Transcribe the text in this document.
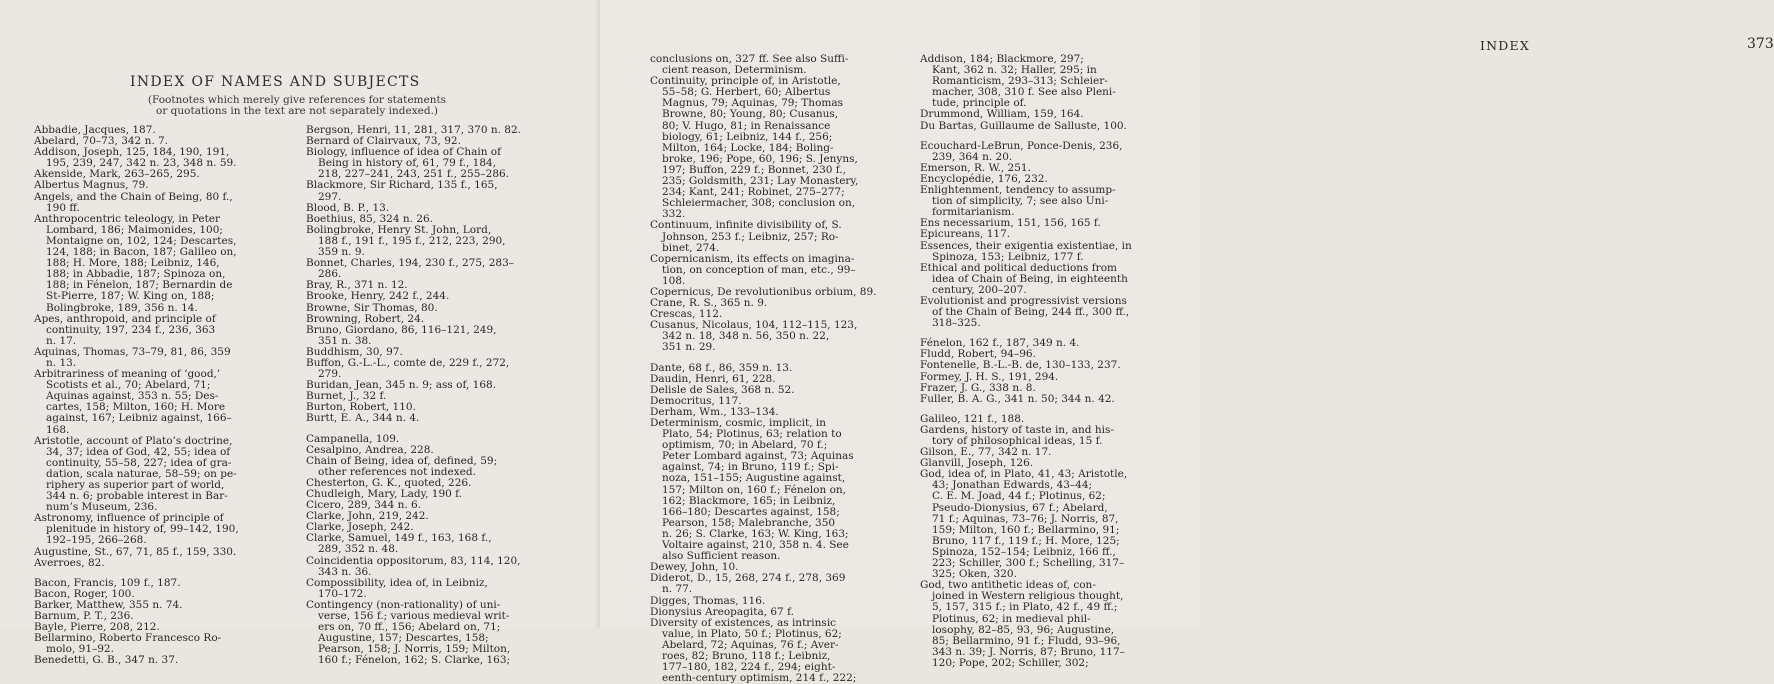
INDEX OF NAMES AND SUBJECTS
(Footnotes which merely give references for statements
or quotations in the text are not separately indexed.)

Abbadie, Jacques, 187.

Abelard, 70–73, 342 n. 7.

Addison, Joseph, 125, 184, 190, 191,
195, 239, 247, 342 n. 23, 348 n. 59.

Akenside, Mark, 263–265, 295.

Albertus Magnus, 79.

Angels, and the Chain of Being, 80 f.,
190 ff.

Anthropocentric teleology, in Peter
Lombard, 186; Maimonides, 100;
Montaigne on, 102, 124; Descartes,
124, 188; in Bacon, 187; Galileo on,
188; H. More, 188; Leibniz, 146,
188; in Abbadie, 187; Spinoza on,
188; in Fénelon, 187; Bernardin de
St-Pierre, 187; W. King on, 188;
Bolingbroke, 189, 356 n. 14.

Apes, anthropoid, and principle of
continuity, 197, 234 f., 236, 363
n. 17.

Aquinas, Thomas, 73–79, 81, 86, 359
n. 13.

Arbitrariness of meaning of ‘good,’
Scotists et al., 70; Abelard, 71;
Aquinas against, 353 n. 55; Des-
cartes, 158; Milton, 160; H. More
against, 167; Leibniz against, 166–
168.

Aristotle, account of Plato’s doctrine,
34, 37; idea of God, 42, 55; idea of
continuity, 55–58, 227; idea of gra-
dation, scala naturae, 58–59; on pe-
riphery as superior part of world,
344 n. 6; probable interest in Bar-
num’s Museum, 236.

Astronomy, influence of principle of
plenitude in history of, 99–142, 190,
192–195, 266–268.

Augustine, St., 67, 71, 85 f., 159, 330.

Averroes, 82.

Bacon, Francis, 109 f., 187.

Bacon, Roger, 100.

Barker, Matthew, 355 n. 74.

Barnum, P. T., 236.

Bayle, Pierre, 208, 212.

Bellarmino, Roberto Francesco Ro-
molo, 91–92.

Benedetti, G. B., 347 n. 37.

Bergson, Henri, 11, 281, 317, 370 n. 82.

Bernard of Clairvaux, 73, 92.

Biology, influence of idea of Chain of
Being in history of, 61, 79 f., 184,
218, 227–241, 243, 251 f., 255–286.

Blackmore, Sir Richard, 135 f., 165,
297.

Blood, B. P., 13.

Boethius, 85, 324 n. 26.

Bolingbroke, Henry St. John, Lord,
188 f., 191 f., 195 f., 212, 223, 290,
359 n. 9.

Bonnet, Charles, 194, 230 f., 275, 283–
286.

Bray, R., 371 n. 12.

Brooke, Henry, 242 f., 244.

Browne, Sir Thomas, 80.

Browning, Robert, 24.

Bruno, Giordano, 86, 116–121, 249,
351 n. 38.

Buddhism, 30, 97.

Buffon, G.-L.-L., comte de, 229 f., 272,
279.

Buridan, Jean, 345 n. 9; ass of, 168.

Burnet, J., 32 f.

Burton, Robert, 110.

Burtt, E. A., 344 n. 4.

Campanella, 109.

Cesalpino, Andrea, 228.

Chain of Being, idea of, defined, 59;
other references not indexed.

Chesterton, G. K., quoted, 226.

Chudleigh, Mary, Lady, 190 f.

Cicero, 289, 344 n. 6.

Clarke, John, 219, 242.

Clarke, Joseph, 242.

Clarke, Samuel, 149 f., 163, 168 f.,
289, 352 n. 48.

Coincidentia oppositorum, 83, 114, 120,
343 n. 36.

Compossibility, idea of, in Leibniz,
170–172.

Contingency (non-rationality) of uni-
verse, 156 f.; various medieval writ-
ers on, 70 ff., 156; Abelard on, 71;
Augustine, 157; Descartes, 158;
Pearson, 158; J. Norris, 159; Milton,
160 f.; Fénelon, 162; S. Clarke, 163;

INDEX	373

conclusions on, 327 ff. See also Suffi-
cient reason, Determinism.

Continuity, principle of, in Aristotle,
55–58; G. Herbert, 60; Albertus
Magnus, 79; Aquinas, 79; Thomas
Browne, 80; Young, 80; Cusanus,
80; V. Hugo, 81; in Renaissance
biology, 61; Leibniz, 144 f., 256;
Milton, 164; Locke, 184; Boling-
broke, 196; Pope, 60, 196; S. Jenyns,
197; Buffon, 229 f.; Bonnet, 230 f.,
235; Goldsmith, 231; Lay Monastery,
234; Kant, 241; Robinet, 275–277;
Schleiermacher, 308; conclusion on,
332.

Continuum, infinite divisibility of, S.
Johnson, 253 f.; Leibniz, 257; Ro-
binet, 274.

Copernicanism, its effects on imagina-
tion, on conception of man, etc., 99–
108.

Copernicus, De revolutionibus orbium, 89.

Crane, R. S., 365 n. 9.

Crescas, 112.

Cusanus, Nicolaus, 104, 112–115, 123,
342 n. 18, 348 n. 56, 350 n. 22,
351 n. 29.

Dante, 68 f., 86, 359 n. 13.

Daudin, Henri, 61, 228.

Delisle de Sales, 368 n. 52.

Democritus, 117.

Derham, Wm., 133–134.

Determinism, cosmic, implicit, in
Plato, 54; Plotinus, 63; relation to
optimism, 70; in Abelard, 70 f.;
Peter Lombard against, 73; Aquinas
against, 74; in Bruno, 119 f.; Spi-
noza, 151–155; Augustine against,
157; Milton on, 160 f.; Fénelon on,
162; Blackmore, 165; in Leibniz,
166–180; Descartes against, 158;
Pearson, 158; Malebranche, 350
n. 26; S. Clarke, 163; W. King, 163;
Voltaire against, 210, 358 n. 4. See
also Sufficient reason.

Dewey, John, 10.

Diderot, D., 15, 268, 274 f., 278, 369
n. 77.

Digges, Thomas, 116.

Dionysius Areopagita, 67 f.

Diversity of existences, as intrinsic
value, in Plato, 50 f.; Plotinus, 62;
Abelard, 72; Aquinas, 76 f.; Aver-
roes, 82; Bruno, 118 f.; Leibniz,
177–180, 182, 224 f., 294; eight-
eenth-century optimism, 214 f., 222;

Addison, 184; Blackmore, 297;
Kant, 362 n. 32; Haller, 295; in
Romanticism, 293–313; Schleier-
macher, 308, 310 f. See also Pleni-
tude, principle of.

Drummond, William, 159, 164.

Du Bartas, Guillaume de Salluste, 100.

Ecouchard-LeBrun, Ponce-Denis, 236,
239, 364 n. 20.

Emerson, R. W., 251.

Encyclopédie, 176, 232.

Enlightenment, tendency to assump-
tion of simplicity, 7; see also Uni-
formitarianism.

Ens necessarium, 151, 156, 165 f.

Epicureans, 117.

Essences, their exigentia existentiae, in
Spinoza, 153; Leibniz, 177 f.

Ethical and political deductions from
idea of Chain of Being, in eighteenth
century, 200–207.

Evolutionist and progressivist versions
of the Chain of Being, 244 ff., 300 ff.,
318–325.

Fénelon, 162 f., 187, 349 n. 4.

Fludd, Robert, 94–96.

Fontenelle, B.-L.-B. de, 130–133, 237.

Formey, J. H. S., 191, 294.

Frazer, J. G., 338 n. 8.

Fuller, B. A. G., 341 n. 50; 344 n. 42.

Galileo, 121 f., 188.

Gardens, history of taste in, and his-
tory of philosophical ideas, 15 f.

Gilson, E., 77, 342 n. 17.

Glanvill, Joseph, 126.

God, idea of, in Plato, 41, 43; Aristotle,
43; Jonathan Edwards, 43–44;
C. E. M. Joad, 44 f.; Plotinus, 62;
Pseudo-Dionysius, 67 f.; Abelard,
71 f.; Aquinas, 73–76; J. Norris, 87,
159; Milton, 160 f.; Bellarmino, 91;
Bruno, 117 f., 119 f.; H. More, 125;
Spinoza, 152–154; Leibniz, 166 ff.,
223; Schiller, 300 f.; Schelling, 317–
325; Oken, 320.

God, two antithetic ideas of, con-
joined in Western religious thought,
5, 157, 315 f.; in Plato, 42 f., 49 ff.;
Plotinus, 62; in medieval phil-
losophy, 82–85, 93, 96; Augustine,
85; Bellarmino, 91 f.; Fludd, 93–96,
343 n. 39; J. Norris, 87; Bruno, 117–
120; Pope, 202; Schiller, 302;
